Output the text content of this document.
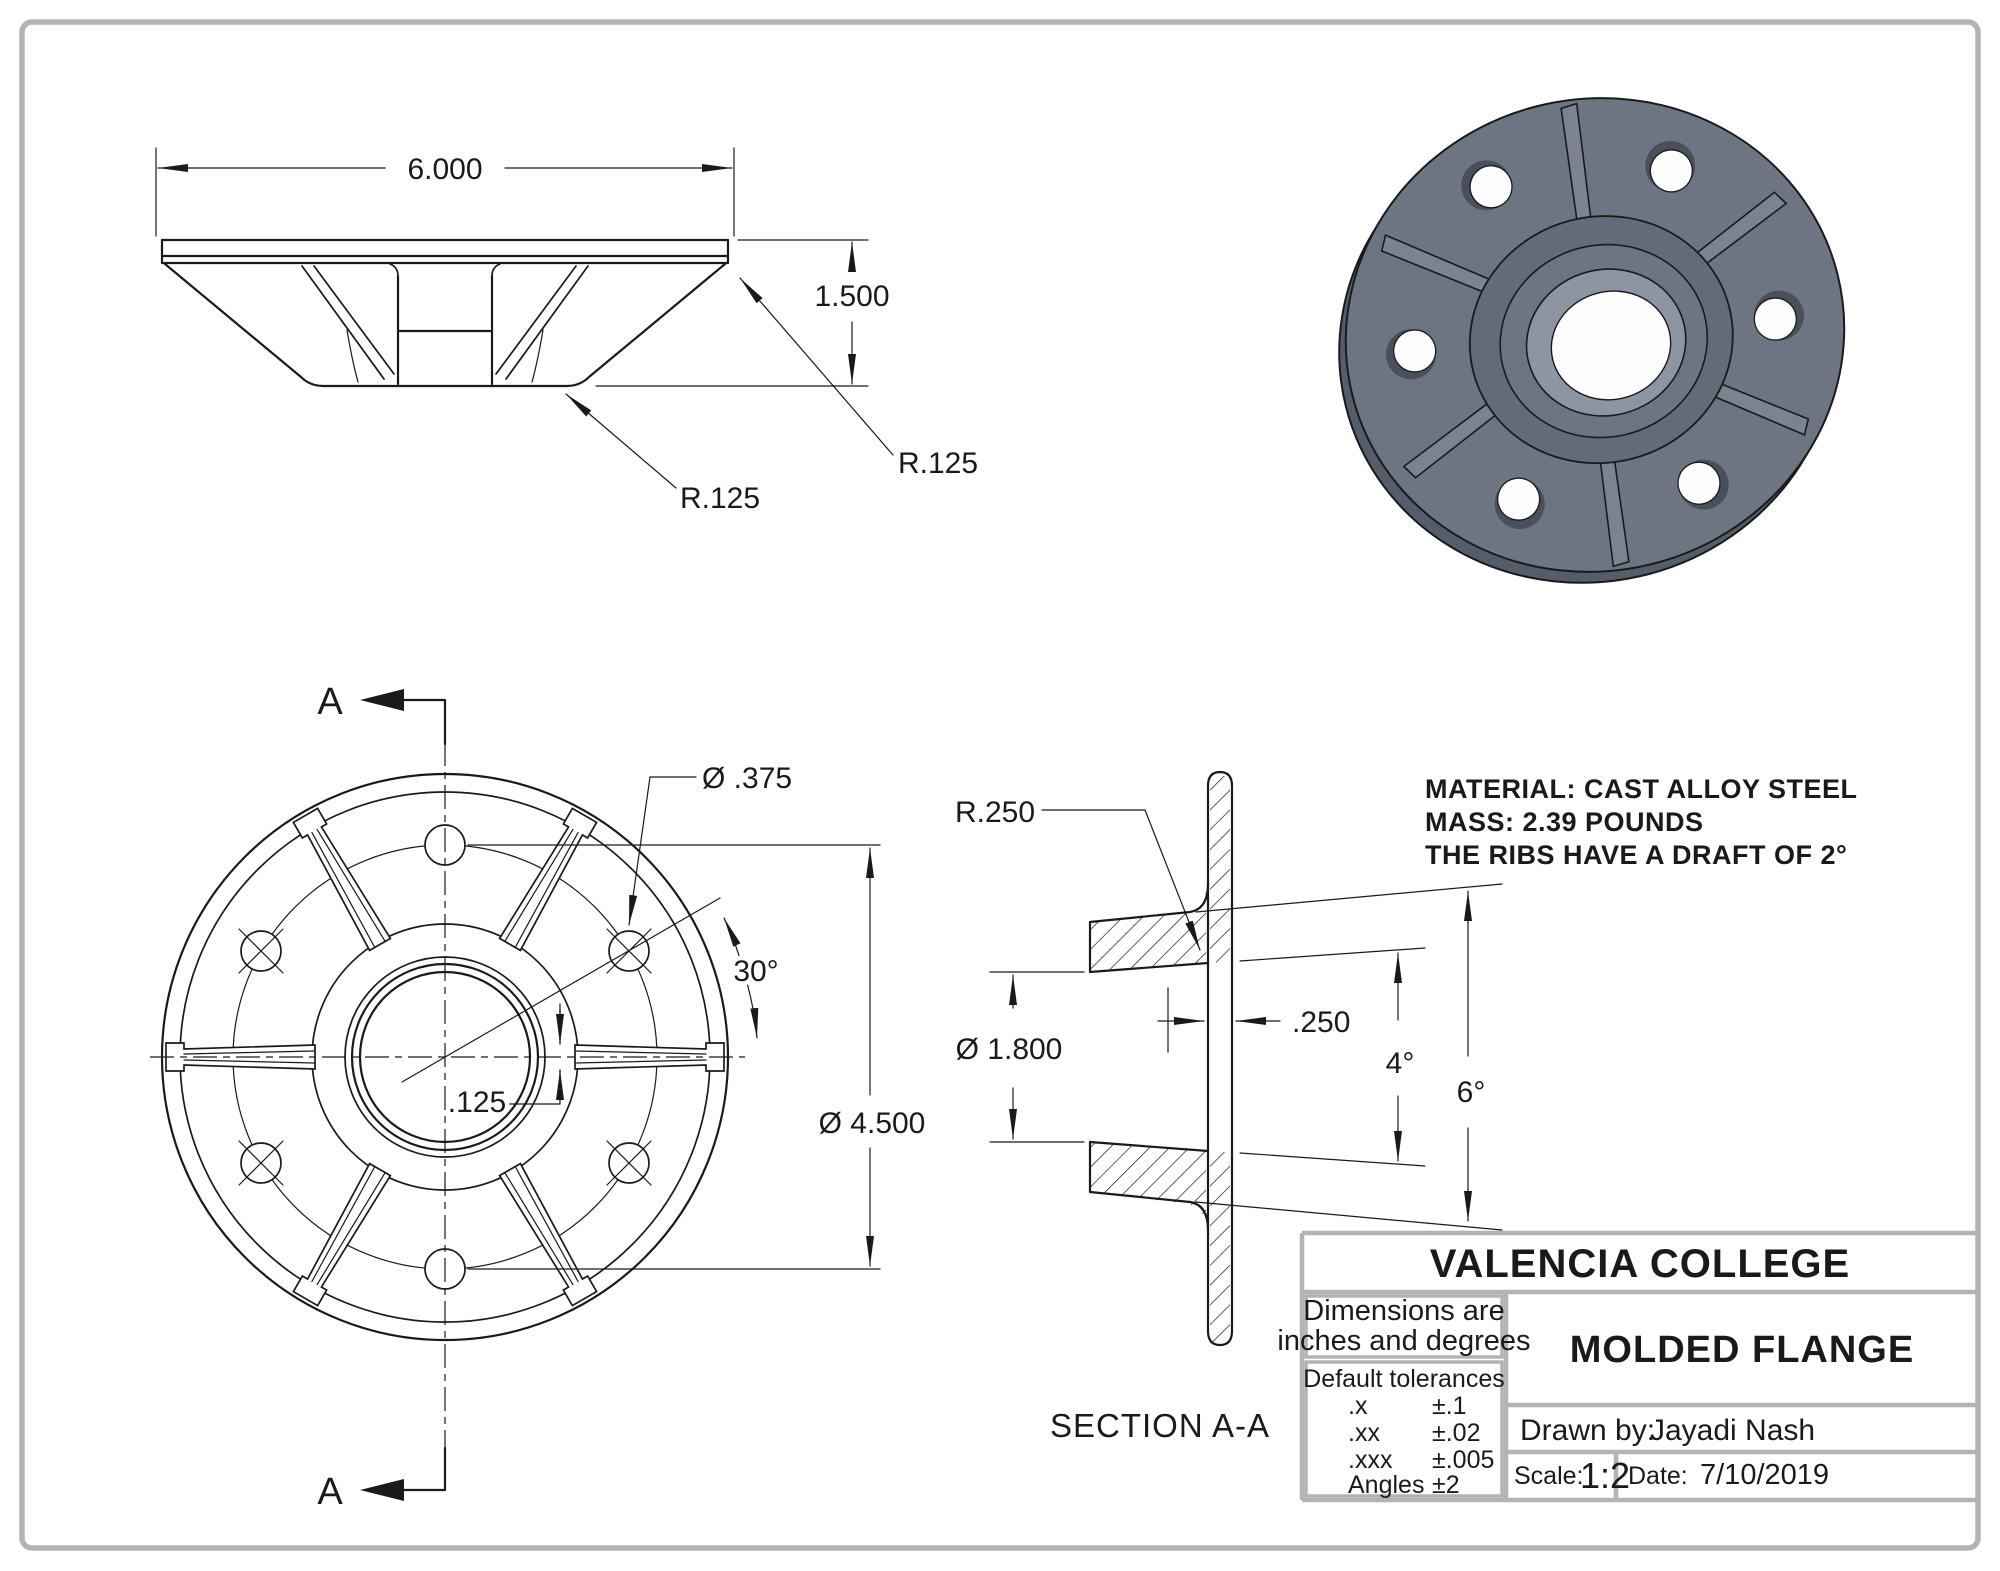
6.000
1.500
R.125
R.125
A
A
Ø .375
30°
.125
Ø 4.500
R.250
Ø 1.800
.250
4°
6°
SECTION A-A
MATERIAL: CAST ALLOY STEEL
MASS: 2.39 POUNDS
THE RIBS HAVE A DRAFT OF 2°
VALENCIA COLLEGE
Dimensions are
inches and degrees
Default tolerances
.x	±.1
.xx ±.02
.xxx ±.005
Angles ±2
MOLDED FLANGE
Drawn by:
Jayadi Nash
Scale:
1:2
Date: 7/10/2019
